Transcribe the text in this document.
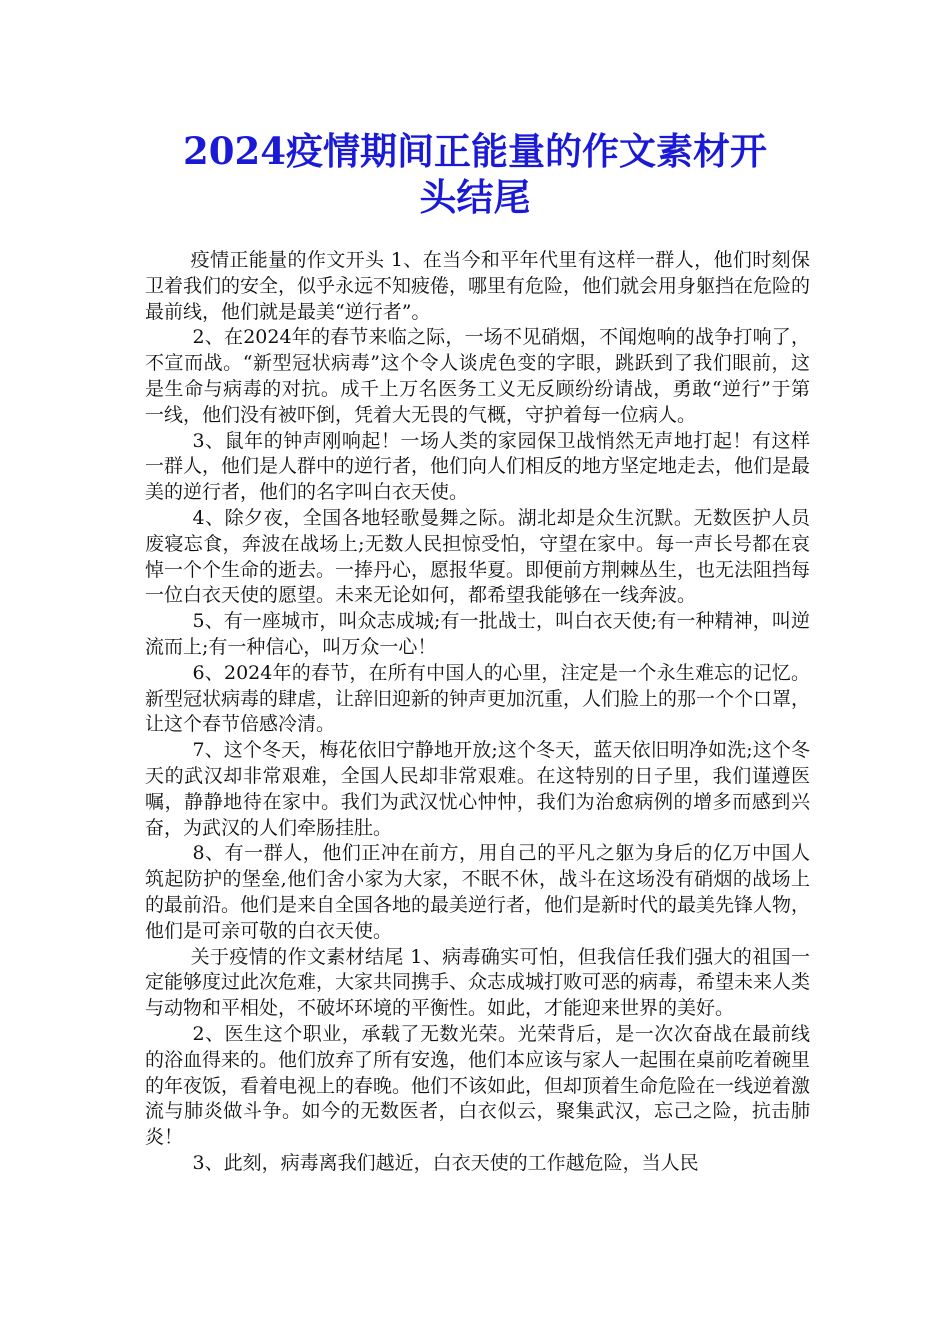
2024疫情期间正能量的作文素材开
头结尾

疫情正能量的作文开头 1、在当今和平年代里有这样一群人，他们时刻保卫着我们的安全，似乎永远不知疲倦，哪里有危险，他们就会用身躯挡在危险的最前线，他们就是最美“逆行者”。

2、在2024年的春节来临之际，一场不见硝烟，不闻炮响的战争打响了，不宣而战。“新型冠状病毒”这个令人谈虎色变的字眼，跳跃到了我们眼前，这是生命与病毒的对抗。成千上万名医务工义无反顾纷纷请战，勇敢“逆行”于第一线，他们没有被吓倒，凭着大无畏的气概，守护着每一位病人。

3、鼠年的钟声刚响起！一场人类的家园保卫战悄然无声地打起！有这样一群人，他们是人群中的逆行者，他们向人们相反的地方坚定地走去，他们是最美的逆行者，他们的名字叫白衣天使。

4、除夕夜，全国各地轻歌曼舞之际。湖北却是众生沉默。无数医护人员废寝忘食，奔波在战场上;无数人民担惊受怕，守望在家中。每一声长号都在哀悼一个个生命的逝去。一捧丹心，愿报华夏。即便前方荆棘丛生，也无法阻挡每一位白衣天使的愿望。未来无论如何，都希望我能够在一线奔波。

5、有一座城市，叫众志成城;有一批战士，叫白衣天使;有一种精神，叫逆流而上;有一种信心，叫万众一心！

6、2024年的春节，在所有中国人的心里，注定是一个永生难忘的记忆。新型冠状病毒的肆虐，让辞旧迎新的钟声更加沉重，人们脸上的那一个个口罩，让这个春节倍感冷清。

7、这个冬天，梅花依旧宁静地开放;这个冬天，蓝天依旧明净如洗;这个冬天的武汉却非常艰难，全国人民却非常艰难。在这特别的日子里，我们谨遵医嘱，静静地待在家中。我们为武汉忧心忡忡，我们为治愈病例的增多而感到兴奋，为武汉的人们牵肠挂肚。

8、有一群人，他们正冲在前方，用自己的平凡之躯为身后的亿万中国人筑起防护的堡垒,他们舍小家为大家，不眠不休，战斗在这场没有硝烟的战场上的最前沿。他们是来自全国各地的最美逆行者，他们是新时代的最美先锋人物，他们是可亲可敬的白衣天使。

关于疫情的作文素材结尾 1、病毒确实可怕，但我信任我们强大的祖国一定能够度过此次危难，大家共同携手、众志成城打败可恶的病毒，希望未来人类与动物和平相处，不破坏环境的平衡性。如此，才能迎来世界的美好。

2、医生这个职业，承载了无数光荣。光荣背后，是一次次奋战在最前线的浴血得来的。他们放弃了所有安逸，他们本应该与家人一起围在桌前吃着碗里的年夜饭，看着电视上的春晚。他们不该如此，但却顶着生命危险在一线逆着激流与肺炎做斗争。如今的无数医者，白衣似云，聚集武汉，忘己之险，抗击肺炎！

3、此刻，病毒离我们越近，白衣天使的工作越危险，当人民
